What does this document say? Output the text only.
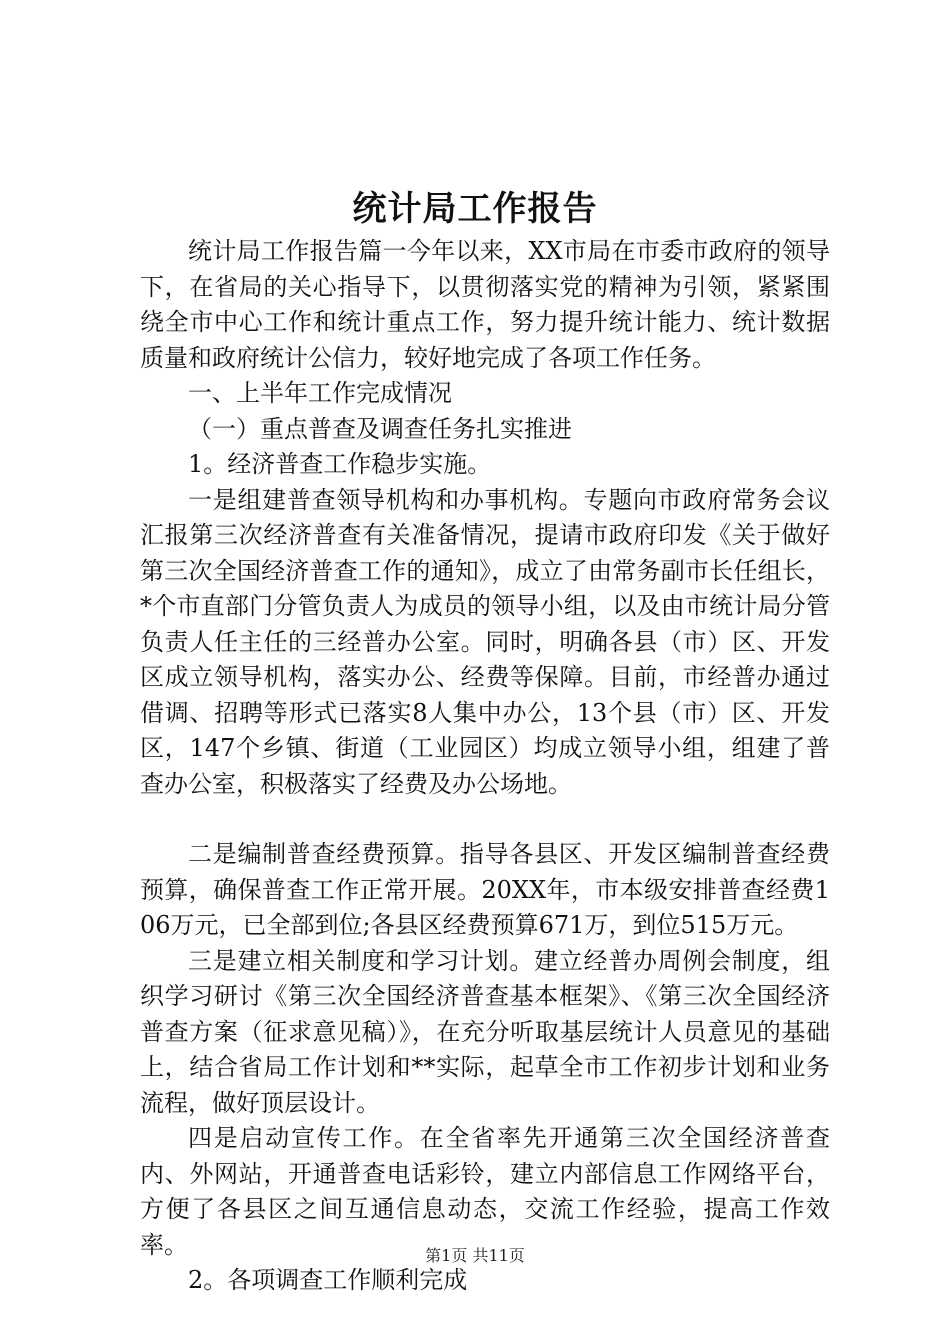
统计局工作报告

统计局工作报告篇一今年以来，XX市局在市委市政府的领导下，在省局的关心指导下，以贯彻落实党的精神为引领，紧紧围绕全市中心工作和统计重点工作，努力提升统计能力、统计数据质量和政府统计公信力，较好地完成了各项工作任务。

一、上半年工作完成情况

（一）重点普查及调查任务扎实推进

1。经济普查工作稳步实施。

一是组建普查领导机构和办事机构。专题向市政府常务会议汇报第三次经济普查有关准备情况，提请市政府印发《关于做好第三次全国经济普查工作的通知》，成立了由常务副市长任组长，*个市直部门分管负责人为成员的领导小组，以及由市统计局分管负责人任主任的三经普办公室。同时，明确各县（市）区、开发区成立领导机构，落实办公、经费等保障。目前，市经普办通过借调、招聘等形式已落实8人集中办公，13个县（市）区、开发区，147个乡镇、街道（工业园区）均成立领导小组，组建了普查办公室，积极落实了经费及办公场地。

二是编制普查经费预算。指导各县区、开发区编制普查经费预算，确保普查工作正常开展。20XX年，市本级安排普查经费106万元，已全部到位;各县区经费预算671万，到位515万元。

三是建立相关制度和学习计划。建立经普办周例会制度，组织学习研讨《第三次全国经济普查基本框架》、《第三次全国经济普查方案（征求意见稿）》，在充分听取基层统计人员意见的基础上，结合省局工作计划和**实际，起草全市工作初步计划和业务流程，做好顶层设计。

四是启动宣传工作。在全省率先开通第三次全国经济普查内、外网站，开通普查电话彩铃，建立内部信息工作网络平台，方便了各县区之间互通信息动态，交流工作经验，提高工作效率。

2。各项调查工作顺利完成

第1页 共11页
